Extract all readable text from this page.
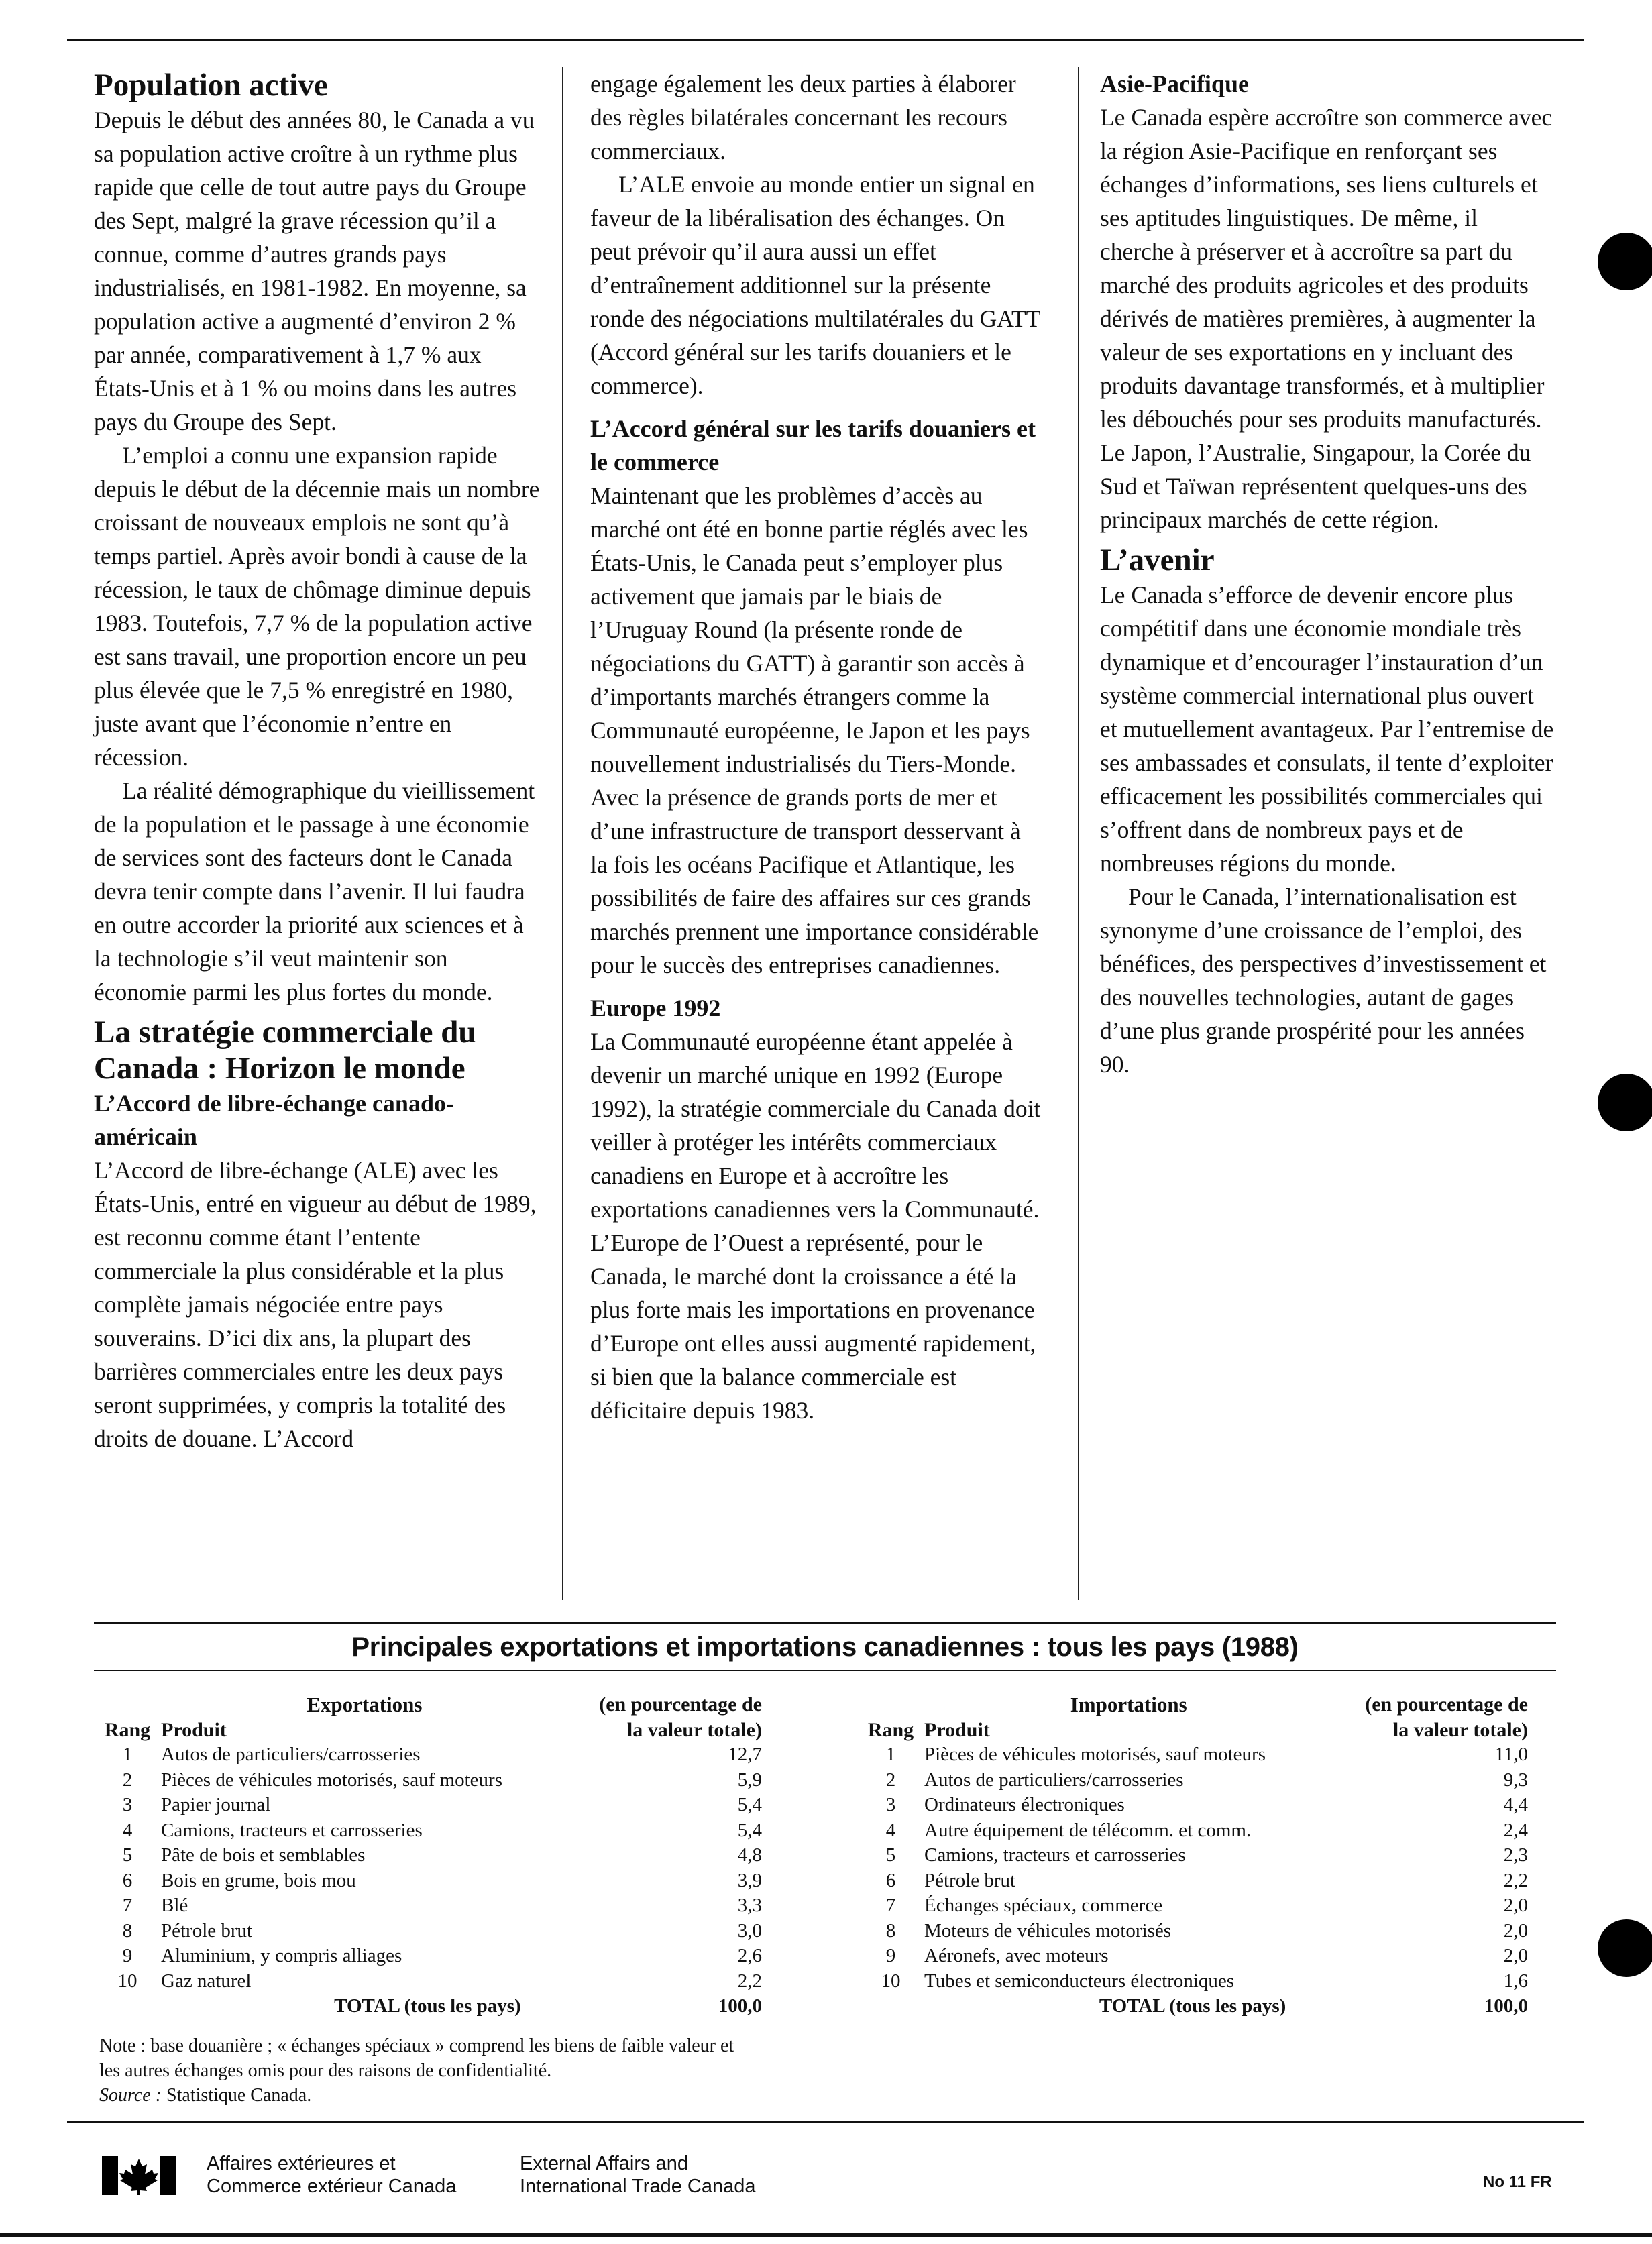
Population active

Depuis le début des années 80, le Canada a vu sa population active croître à un rythme plus rapide que celle de tout autre pays du Groupe des Sept, malgré la grave récession qu’il a connue, comme d’autres grands pays industrialisés, en 1981-1982. En moyenne, sa population active a augmenté d’environ 2 % par année, comparativement à 1,7 % aux États-Unis et à 1 % ou moins dans les autres pays du Groupe des Sept.

L’emploi a connu une expansion rapide depuis le début de la décennie mais un nombre croissant de nouveaux emplois ne sont qu’à temps partiel. Après avoir bondi à cause de la récession, le taux de chômage diminue depuis 1983. Toutefois, 7,7 % de la population active est sans travail, une proportion encore un peu plus élevée que le 7,5 % enregistré en 1980, juste avant que l’économie n’entre en récession.

La réalité démographique du vieillissement de la population et le passage à une économie de services sont des facteurs dont le Canada devra tenir compte dans l’avenir. Il lui faudra en outre accorder la priorité aux sciences et à la technologie s’il veut maintenir son économie parmi les plus fortes du monde.

La stratégie commerciale du Canada : Horizon le monde
L’Accord de libre-échange canado-américain

L’Accord de libre-échange (ALE) avec les États-Unis, entré en vigueur au début de 1989, est reconnu comme étant l’entente commerciale la plus considérable et la plus complète jamais négociée entre pays souverains. D’ici dix ans, la plupart des barrières commerciales entre les deux pays seront supprimées, y compris la totalité des droits de douane. L’Accord

engage également les deux parties à élaborer des règles bilatérales concernant les recours commerciaux.

L’ALE envoie au monde entier un signal en faveur de la libéralisation des échanges. On peut prévoir qu’il aura aussi un effet d’entraînement additionnel sur la présente ronde des négociations multilatérales du GATT (Accord général sur les tarifs douaniers et le commerce).

L’Accord général sur les tarifs douaniers et le commerce

Maintenant que les problèmes d’accès au marché ont été en bonne partie réglés avec les États-Unis, le Canada peut s’employer plus activement que jamais par le biais de l’Uruguay Round (la présente ronde de négociations du GATT) à garantir son accès à d’importants marchés étrangers comme la Communauté européenne, le Japon et les pays nouvellement industrialisés du Tiers-Monde. Avec la présence de grands ports de mer et d’une infrastructure de transport desservant à la fois les océans Pacifique et Atlantique, les possibilités de faire des affaires sur ces grands marchés prennent une importance considérable pour le succès des entreprises canadiennes.

Europe 1992

La Communauté européenne étant appelée à devenir un marché unique en 1992 (Europe 1992), la stratégie commerciale du Canada doit veiller à protéger les intérêts commerciaux canadiens en Europe et à accroître les exportations canadiennes vers la Communauté. L’Europe de l’Ouest a représenté, pour le Canada, le marché dont la croissance a été la plus forte mais les importations en provenance d’Europe ont elles aussi augmenté rapidement, si bien que la balance commerciale est déficitaire depuis 1983.

Asie-Pacifique

Le Canada espère accroître son commerce avec la région Asie-Pacifique en renforçant ses échanges d’informations, ses liens culturels et ses aptitudes linguistiques. De même, il cherche à préserver et à accroître sa part du marché des produits agricoles et des produits dérivés de matières premières, à augmenter la valeur de ses exportations en y incluant des produits davantage transformés, et à multiplier les débouchés pour ses produits manufacturés. Le Japon, l’Australie, Singapour, la Corée du Sud et Taïwan représentent quelques-uns des principaux marchés de cette région.

L’avenir

Le Canada s’efforce de devenir encore plus compétitif dans une économie mondiale très dynamique et d’encourager l’instauration d’un système commercial international plus ouvert et mutuellement avantageux. Par l’entremise de ses ambassades et consulats, il tente d’exploiter efficacement les possibilités commerciales qui s’offrent dans de nombreux pays et de nombreuses régions du monde.

Pour le Canada, l’internationalisation est synonyme d’une croissance de l’emploi, des bénéfices, des perspectives d’investissement et des nouvelles technologies, autant de gages d’une plus grande prospérité pour les années 90.

Principales exportations et importations canadiennes : tous les pays (1988)
	Exportations	(en pourcentage de
Rang	Produit	la valeur totale)
1	Autos de particuliers/carrosseries	12,7
2	Pièces de véhicules motorisés, sauf moteurs	5,9
3	Papier journal	5,4
4	Camions, tracteurs et carrosseries	5,4
5	Pâte de bois et semblables	4,8
6	Bois en grume, bois mou	3,9
7	Blé	3,3
8	Pétrole brut	3,0
9	Aluminium, y compris alliages	2,6
10	Gaz naturel	2,2
	TOTAL (tous les pays)	100,0
	Importations	(en pourcentage de
Rang	Produit	la valeur totale)
1	Pièces de véhicules motorisés, sauf moteurs	11,0
2	Autos de particuliers/carrosseries	9,3
3	Ordinateurs électroniques	4,4
4	Autre équipement de télécomm. et comm.	2,4
5	Camions, tracteurs et carrosseries	2,3
6	Pétrole brut	2,2
7	Échanges spéciaux, commerce	2,0
8	Moteurs de véhicules motorisés	2,0
9	Aéronefs, avec moteurs	2,0
10	Tubes et semiconducteurs électroniques	1,6
	TOTAL (tous les pays)	100,0

Note : base douanière ; « échanges spéciaux » comprend les biens de faible valeur et les autres échanges omis pour des raisons de confidentialité.

Source : Statistique Canada.

Affaires extérieures et
Commerce extérieur Canada
External Affairs and
International Trade Canada	No 11 FR
